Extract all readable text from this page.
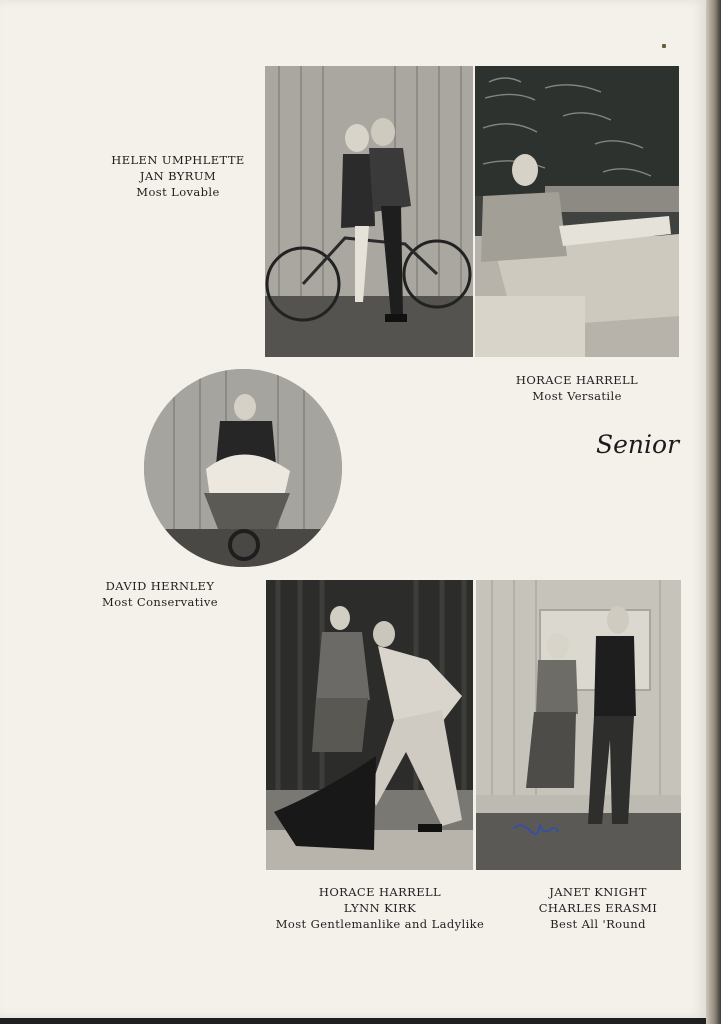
HELEN UMPHLETTE
JAN BYRUM
Most Lovable
HORACE HARRELL
Most Versatile
Senior
DAVID HERNLEY
Most Conservative
HORACE HARRELL
LYNN KIRK
Most Gentlemanlike and Ladylike
JANET KNIGHT
CHARLES ERASMI
Best All 'Round
